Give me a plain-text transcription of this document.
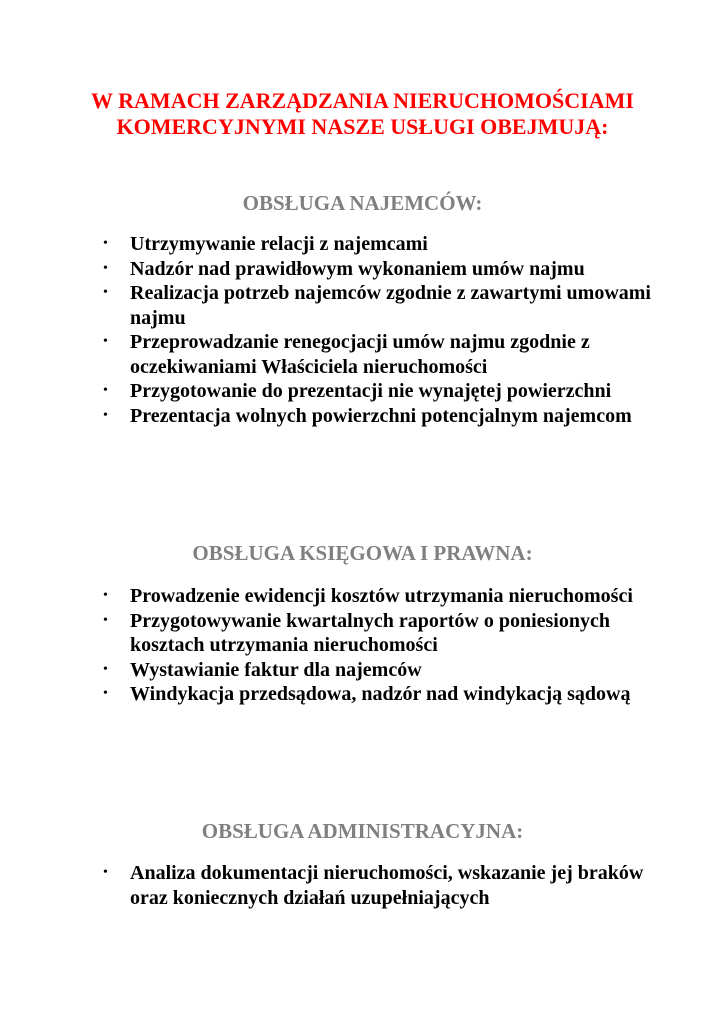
W RAMACH ZARZĄDZANIA NIERUCHOMOŚCIAMI
KOMERCYJNYMI NASZE USŁUGI OBEJMUJĄ:
OBSŁUGA NAJEMCÓW:
• Utrzymywanie relacji z najemcami
• Nadzór nad prawidłowym wykonaniem umów najmu
• Realizacja potrzeb najemców zgodnie z zawartymi umowami najmu
• Przeprowadzanie renegocjacji umów najmu zgodnie z oczekiwaniami Właściciela nieruchomości
• Przygotowanie do prezentacji nie wynajętej powierzchni
• Prezentacja wolnych powierzchni potencjalnym najemcom
OBSŁUGA KSIĘGOWA I PRAWNA:
• Prowadzenie ewidencji kosztów utrzymania nieruchomości
• Przygotowywanie kwartalnych raportów o poniesionych kosztach utrzymania nieruchomości
• Wystawianie faktur dla najemców
• Windykacja przedsądowa, nadzór nad windykacją sądową
OBSŁUGA ADMINISTRACYJNA:
• Analiza dokumentacji nieruchomości, wskazanie jej braków oraz koniecznych działań uzupełniających
